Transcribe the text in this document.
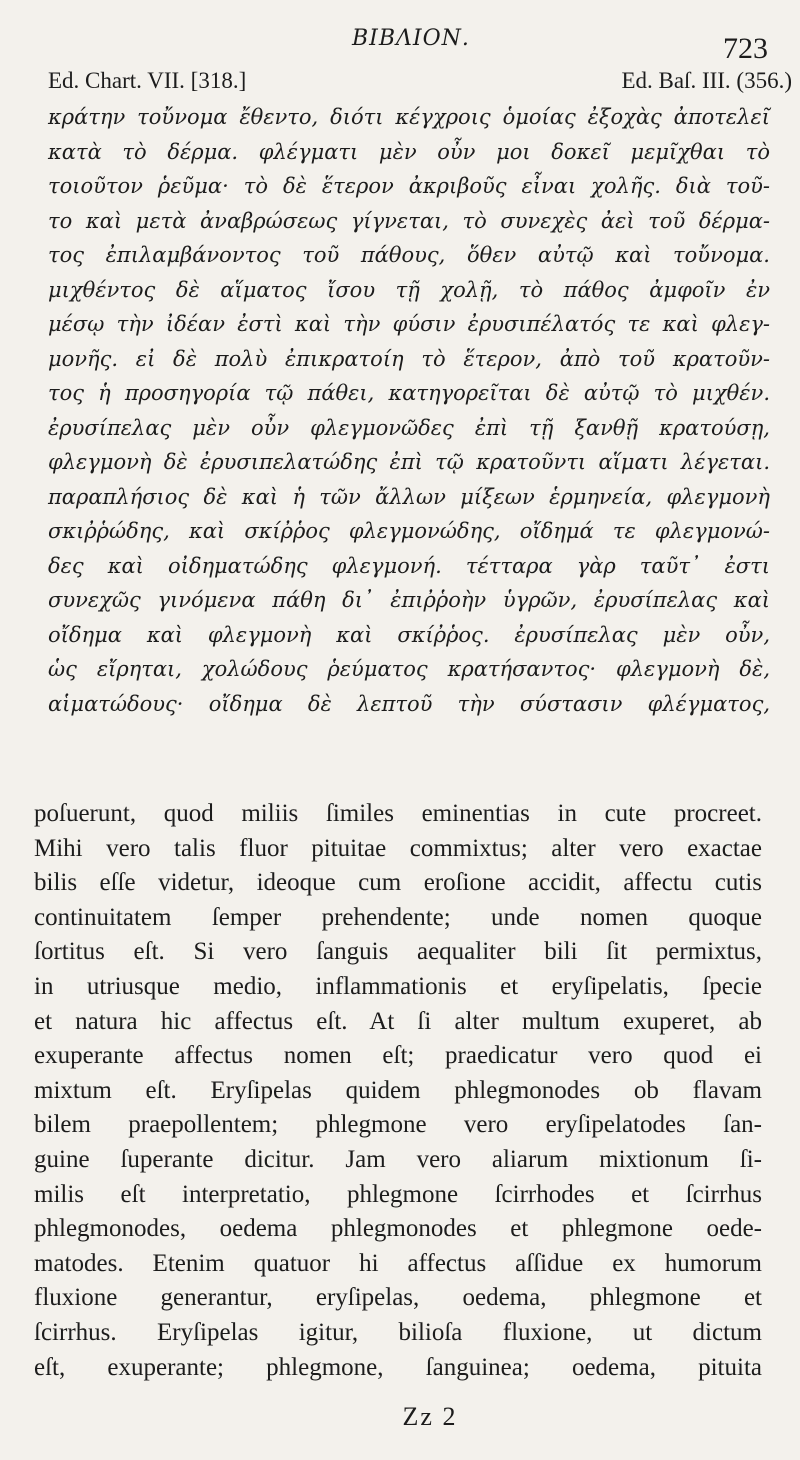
BIBΛΙΟΝ.	723
Ed. Chart. VII. [318.]	Ed. Baſ. III. (356.)
κράτην τοὔνομα ἔθεντο, διότι κέγχροις ὁμοίας ἐξοχὰς ἀποτελεῖ
κατὰ τὸ δέρμα. φλέγματι μὲν οὖν μοι δοκεῖ μεμῖχθαι τὸ
τοιοῦτον ῥεῦμα· τὸ δὲ ἕτερον ἀκριβοῦς εἶναι χολῆς. διὰ τοῦ-
το καὶ μετὰ ἀναβρώσεως γίγνεται, τὸ συνεχὲς ἀεὶ τοῦ δέρμα-
τος ἐπιλαμβάνοντος τοῦ πάθους, ὅθεν αὐτῷ καὶ τοὔνομα.
μιχθέντος δὲ αἵματος ἴσου τῇ χολῇ, τὸ πάθος ἀμφοῖν ἐν
μέσῳ τὴν ἰδέαν ἐστὶ καὶ τὴν φύσιν ἐρυσιπέλατός τε καὶ φλεγ-
μονῆς. εἰ δὲ πολὺ ἐπικρατοίη τὸ ἕτερον, ἀπὸ τοῦ κρατοῦν-
τος ἡ προσηγορία τῷ πάθει, κατηγορεῖται δὲ αὐτῷ τὸ μιχθέν.
ἐρυσίπελας μὲν οὖν φλεγμονῶδες ἐπὶ τῇ ξανθῇ κρατούσῃ,
φλεγμονὴ δὲ ἐρυσιπελατώδης ἐπὶ τῷ κρατοῦντι αἵματι λέγεται.
παραπλήσιος δὲ καὶ ἡ τῶν ἄλλων μίξεων ἑρμηνεία, φλεγμονὴ
σκιῤῥώδης, καὶ σκίῤῥος φλεγμονώδης, οἴδημά τε φλεγμονώ-
δες καὶ οἰδηματώδης φλεγμονή. τέτταρα γὰρ ταῦτ᾽ ἐστι
συνεχῶς γινόμενα πάθη δι᾽ ἐπιῤῥοὴν ὑγρῶν, ἐρυσίπελας καὶ
οἴδημα καὶ φλεγμονὴ καὶ σκίῤῥος. ἐρυσίπελας μὲν οὖν,
ὡς εἴρηται, χολώδους ῥεύματος κρατήσαντος· φλεγμονὴ δὲ,
αἱματώδους· οἴδημα δὲ λεπτοῦ τὴν σύστασιν φλέγματος,
poſuerunt, quod miliis ſimiles eminentias in cute procreet.
Mihi vero talis fluor pituitae commixtus; alter vero exactae
bilis eſſe videtur, ideoque cum eroſione accidit, affectu cutis
continuitatem ſemper prehendente; unde nomen quoque
ſortitus eſt. Si vero ſanguis aequaliter bili ſit permixtus,
in utriusque medio, inflammationis et eryſipelatis, ſpecie
et natura hic affectus eſt. At ſi alter multum exuperet, ab
exuperante affectus nomen eſt; praedicatur vero quod ei
mixtum eſt. Eryſipelas quidem phlegmonodes ob flavam
bilem praepollentem; phlegmone vero eryſipelatodes ſan-
guine ſuperante dicitur. Jam vero aliarum mixtionum ſi-
milis eſt interpretatio, phlegmone ſcirrhodes et ſcirrhus
phlegmonodes, oedema phlegmonodes et phlegmone oede-
matodes. Etenim quatuor hi affectus aſſidue ex humorum
fluxione generantur, eryſipelas, oedema, phlegmone et
ſcirrhus. Eryſipelas igitur, bilioſa fluxione, ut dictum
eſt, exuperante; phlegmone, ſanguinea; oedema, pituita
Zz 2
